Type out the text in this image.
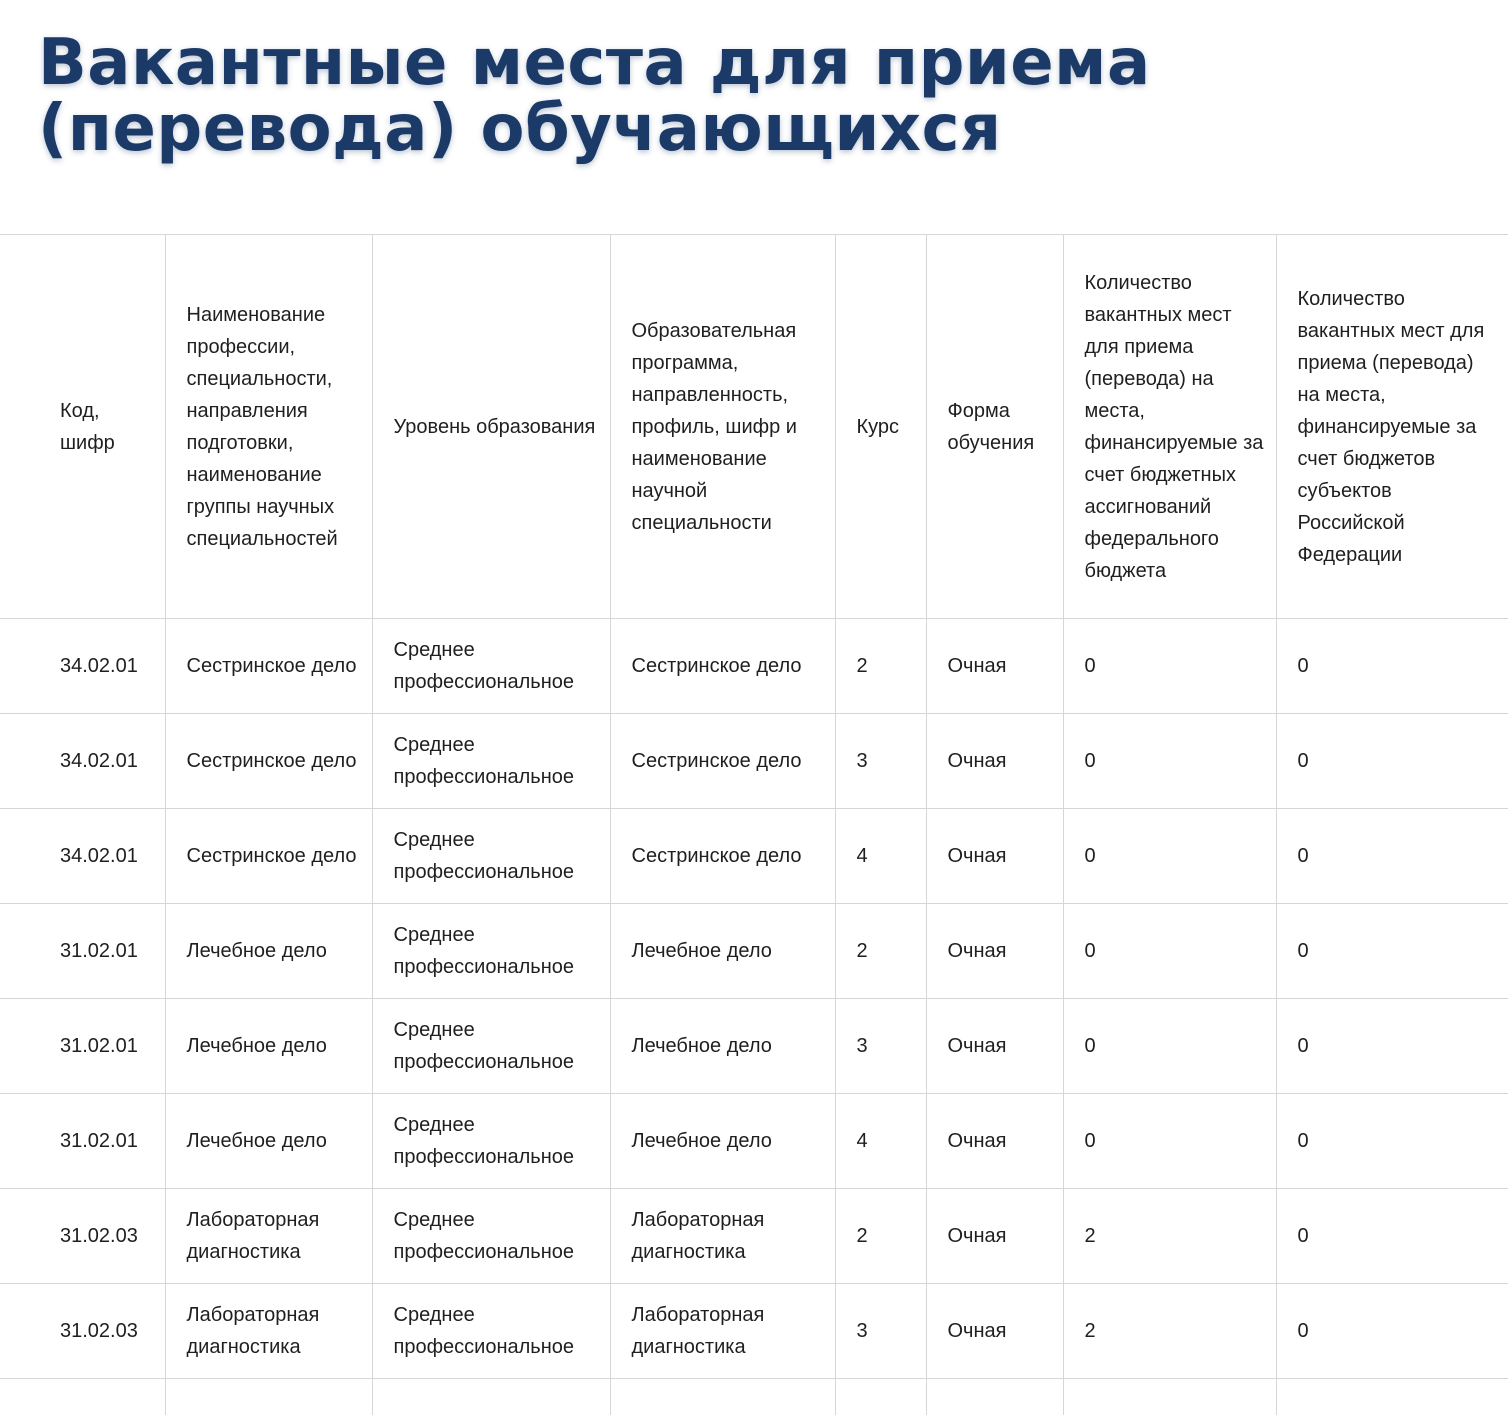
Вакантные места для приема (перевода) обучающихся
Код, шифр	Наименование профессии, специальности, направления подготовки, наименование группы научных специальностей	Уровень образования	Образовательная программа, направленность, профиль, шифр и наименование научной специальности	Курс	Форма обучения	Количество вакантных мест для приема (перевода) на места, финансируемые за счет бюджетных ассигнований федерального бюджета	Количество вакантных мест для приема (перевода) на места, финансируемые за счет бюджетов субъектов Российской Федерации
34.02.01	Сестринское дело	Среднее профессиональное	Сестринское дело	2	Очная	0	0
34.02.01	Сестринское дело	Среднее профессиональное	Сестринское дело	3	Очная	0	0
34.02.01	Сестринское дело	Среднее профессиональное	Сестринское дело	4	Очная	0	0
31.02.01	Лечебное дело	Среднее профессиональное	Лечебное дело	2	Очная	0	0
31.02.01	Лечебное дело	Среднее профессиональное	Лечебное дело	3	Очная	0	0
31.02.01	Лечебное дело	Среднее профессиональное	Лечебное дело	4	Очная	0	0
31.02.03	Лабораторная диагностика	Среднее профессиональное	Лабораторная диагностика	2	Очная	2	0
31.02.03	Лабораторная диагностика	Среднее профессиональное	Лабораторная диагностика	3	Очная	2	0
